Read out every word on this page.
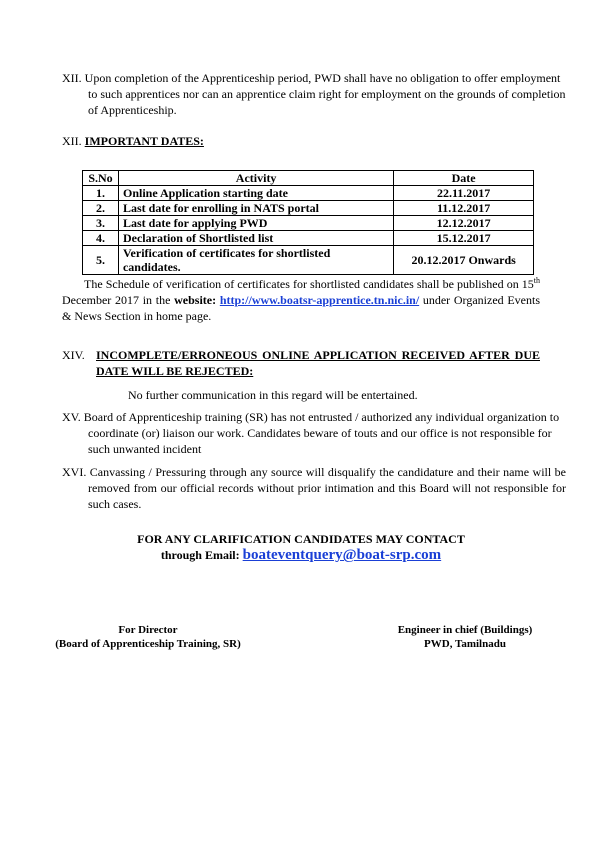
XII. Upon completion of the Apprenticeship period, PWD shall have no obligation to offer employment to such apprentices nor can an apprentice claim right for employment on the grounds of completion of Apprenticeship.
XII. IMPORTANT DATES:
S.No	Activity	Date
1.	Online Application starting date	22.11.2017
2.	Last date for enrolling in NATS portal	11.12.2017
3.	Last date for applying PWD	12.12.2017
4.	Declaration of Shortlisted list	15.12.2017
5.	Verification of certificates for shortlisted candidates.	20.12.2017 Onwards
The Schedule of verification of certificates for shortlisted candidates shall be published on 15th December 2017 in the website: http://www.boatsr-apprentice.tn.nic.in/ under Organized Events & News Section in home page.
XIV. INCOMPLETE/ERRONEOUS ONLINE APPLICATION RECEIVED AFTER DUE DATE WILL BE REJECTED:
No further communication in this regard will be entertained.
XV. Board of Apprenticeship training (SR) has not entrusted / authorized any individual organization to coordinate (or) liaison our work. Candidates beware of touts and our office is not responsible for such unwanted incident
XVI. Canvassing / Pressuring through any source will disqualify the candidature and their name will be removed from our official records without prior intimation and this Board will not responsible for such cases.
FOR ANY CLARIFICATION CANDIDATES MAY CONTACT
through Email: boateventquery@boat-srp.com
For Director
(Board of Apprenticeship Training, SR)
Engineer in chief (Buildings)
PWD, Tamilnadu
